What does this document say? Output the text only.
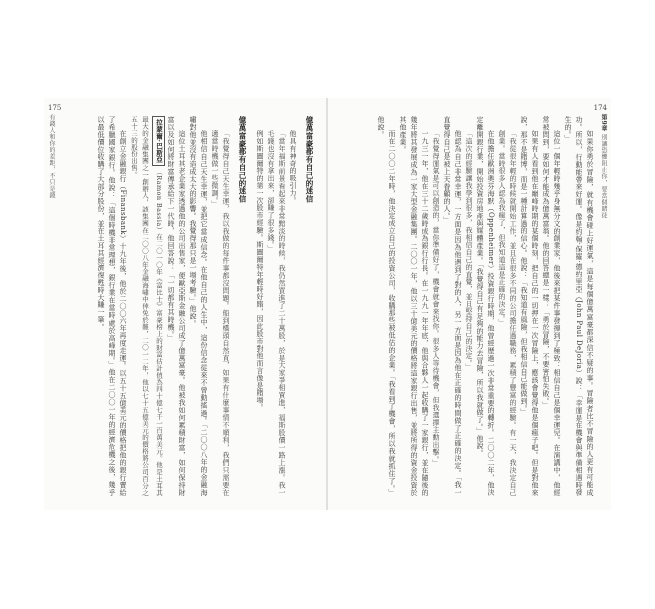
175
有錢人和你的差距，不只是錢	億萬富豪都有自己的迷信

他具有神奇的吸引力。

「當年福斯前景看起來非常黯淡的時候，我仍然買進了二十萬股，於是大家爭相買進，福斯股價一路上漲。我一毛錢也沒有拿出來，卻賺了很多錢。」

例如斯圖爾特的第一次股市經驗。斯圖爾特年輕時好賭，因此股市對他而言像是賭場。

億萬富豪都有自己的迷信

「我覺得自己天生幸運，我以我做的每件事都沒問題。船到橋頭自然直，如果有什麼事情不順利，我們只需要在適當時機做一些微調。」

他相信自己天生幸運，並把它當成信念。在他自己的人生中，這份信念從來不曾動搖過。「二〇〇八年的金融海嘯對他並沒有造成太大的影響。我覺得那只是一場考驗。」他說。

這位土耳其老企業家透過他的公司出售家，便歐亞斯金融公司成了億萬富豪。他被我如何累積財富，如何保持財富以及如何將財富傳承給下一代時，他回答說：「一切都有其時機。」

拉蒙爾‧巴斯亞 （Ramon Bassia）在二〇一〇年《富比士》富豪榜上的財富估計值為四十億七千一百萬美元。他是土耳其最大的金融集團之一創辦人，該集團在二〇〇八年金融海嘯中倖免於難，二〇一二年，他以七十五億美元的價格將公司百分之五十三的股份出售。

在創立金融銀行（Finansbank）十九年後，他於二〇〇六年再度走運。以五十五億美元的價格把他的銀行賣給了希臘國家銀行。他說：「這個時機非常理想，銀行業在當時處於高峰期。」他在二〇〇一年的經濟危機之後，幾乎以最低價位收購了大部分股份，並在土耳其經濟復甦時大賺一筆。

174
第9章 別讓恐懼阻止你，要當個賭徒

如果你勇於冒險，就有機會碰上好運氣，這是每個億萬富豪都深信不疑的事。冒險者比不冒險的人更有可能成功。所以，行動能帶來好運。像是約翰‧保羅‧德約里亞（John Paul DeJoria）說：「幸運是在機會與準備相遇時發生的。」

這位一個年輕時幾乎身無分文的創業家，他後來把某件事發揮到了極致：相信自己是個幸運兒。在演講中，他經常被問到，要如何才能成為億萬富翁。他的回答總是一樣：「勇於冒險，不要害怕失敗。」

如果有人看到他在巔峰時期的某個時刻，把自己的一切押在一次冒險上，應該會覺得他是個瘋子吧。但是對他來說，那不是賭博，而是一種計算過的信心。他說：「我知道有風險，但我相信自己能做到。」

「我從很年輕的時候就開始工作，並且在很多不同的公司擔任過職務，累積了豐富的經驗。有一天，我決定自己創業。當時很多人認為我瘋了，但我知道這是正確的決定。」

在他擔任歐洲奧芬海默（Oppenheimer）投資銀行時期，他曾經歷過一次非常重要的轉折。二〇〇二年，他決定離開銀行業，開始投資房地產與媒體產業。「我覺得自己有足夠的能力去冒險，所以我就做了。」他說。

「這次的經驗讓我學到很多，我相信自己的直覺，並且堅持自己的決定。」

他認為自己非常幸運，一方面是因為他遇到了對的人，另一方面是因為他在正確的時間做了正確的決定。「我一直覺得自己是被上天眷顧的人。」

「我覺得運氣是可以創造的，當你準備好了，機會就會來找你。很多人等待機會，但我選擇主動出擊。」

一九三一年，他在三十二歲時成為銀行行長。在一九九一年年底，他與合夥人一起收購了一家銀行，並在隨後的幾年將其發展成為一家大型金融集團。二〇〇一年，他以三十億美元的價格將這家銀行出售，並將所得的資金投資於其他產業。

而在二〇〇二年時，他決定成立自己的投資公司，收購那些被低估的企業。「我看到了機會，所以我就抓住了。」他說。
